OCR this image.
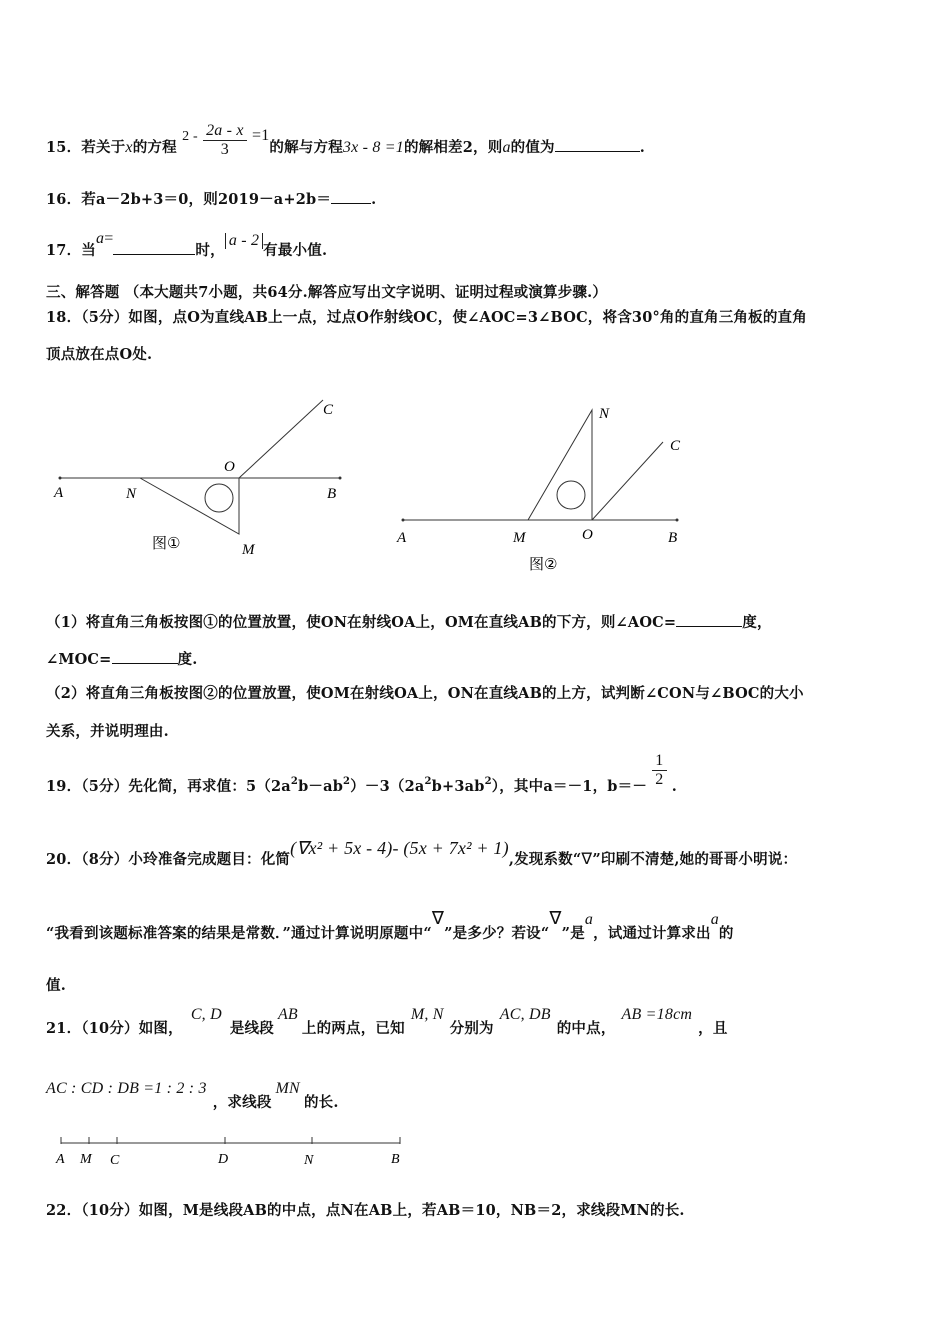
15．若关于x的方程 $2 - \frac{2a - x}{3} =1$的解与方程3x - 8 =1的解相差2，则a的值为	.
16．若a－2b+3＝0，则2019－a+2b＝	.
17．当a=时，a - 2有最小值.
三、解答题 （本大题共7小题，共64分.解答应写出文字说明、证明过程或演算步骤.）
18．（5分）如图，点O为直线AB上一点，过点O作射线OC，使∠AOC=3∠BOC，将含30°角的直角三角板的直角
顶点放在点O处.
A	N
O
B
C
M
图①	A	M	O	B
C
N
图②
（1）将直角三角板按图①的位置放置，使ON在射线OA上，OM在直线AB的下方，则∠AOC=	度，
∠MOC=	度.
（2）将直角三角板按图②的位置放置，使OM在射线OA上，ON在直线AB的上方，试判断∠CON与∠BOC的大小
关系，并说明理由.
19．（5分）先化简，再求值：$5(2a^2b-ab^2)-3(2a^2b+3ab^2)$，其中a＝－1，$b=- \frac{1}{2}$ .
20．（8分）小玲准备完成题目：化简(∇x² + 5x - 4)- (5x + 7x² + 1),发现系数“∇”印刷不清楚,她的哥哥小明说：
“我看到该题标准答案的结果是常数．”通过计算说明原题中“∇”是多少？若设“∇”是a，试通过计算求出a的
值.
21．（10分）如图，C, D是线段AB上的两点，已知M, N分别为AC, DB的中点，AB =18cm，且
AC : CD : DB =1 : 2 : 3，求线段MN的长.
A M C	D	N	B
22．（10分）如图，M是线段AB的中点，点N在AB上，若AB＝10，NB＝2，求线段MN的长.
